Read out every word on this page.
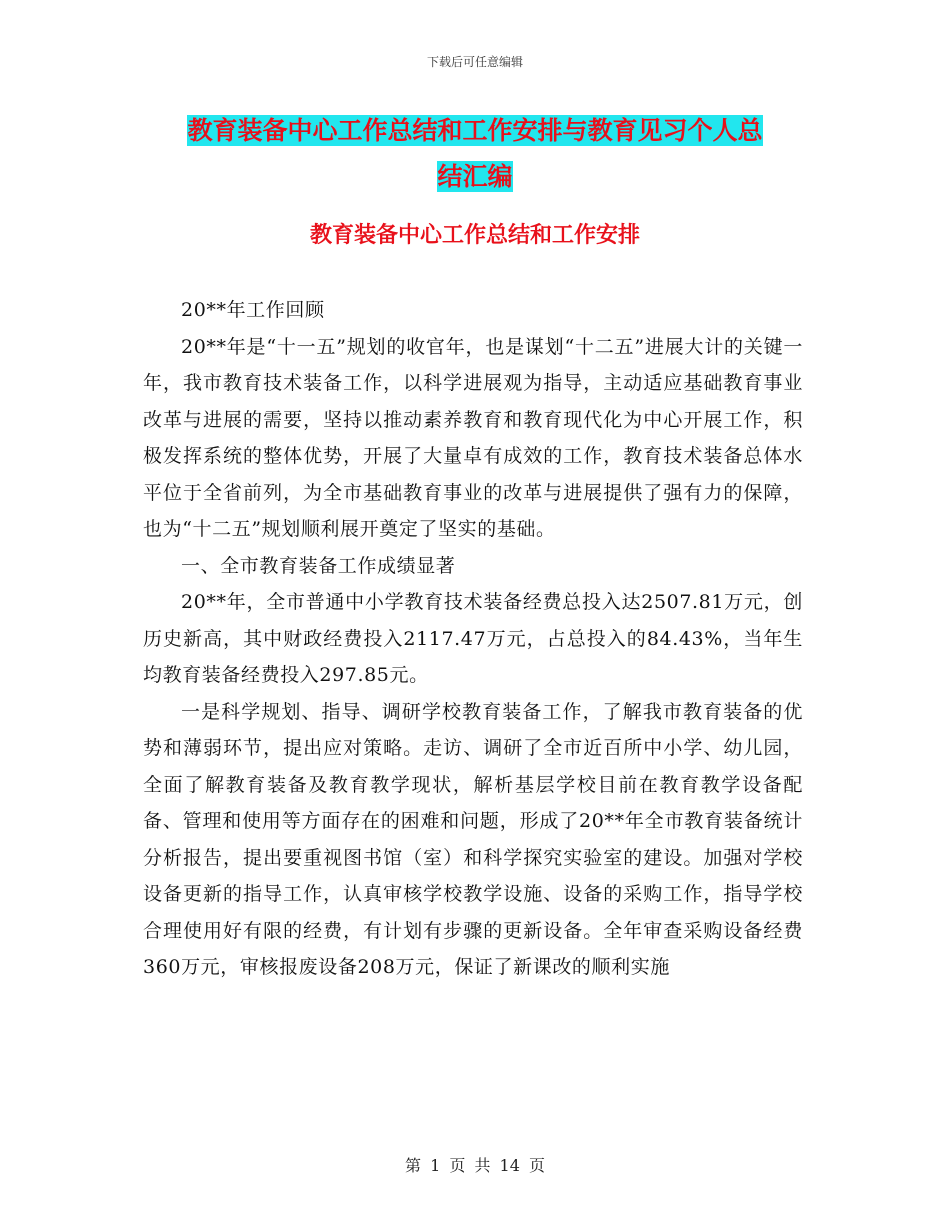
下载后可任意编辑
教育装备中心工作总结和工作安排与教育见习个人总
结汇编
教育装备中心工作总结和工作安排

20**年工作回顾

20**年是“十一五”规划的收官年，也是谋划“十二五”进展大计的关键一年，我市教育技术装备工作，以科学进展观为指导，主动适应基础教育事业改革与进展的需要，坚持以推动素养教育和教育现代化为中心开展工作，积极发挥系统的整体优势，开展了大量卓有成效的工作，教育技术装备总体水平位于全省前列，为全市基础教育事业的改革与进展提供了强有力的保障，也为“十二五”规划顺利展开奠定了坚实的基础。

一、全市教育装备工作成绩显著

20**年，全市普通中小学教育技术装备经费总投入达2507.81万元，创历史新高，其中财政经费投入2117.47万元，占总投入的84.43%，当年生均教育装备经费投入297.85元。

一是科学规划、指导、调研学校教育装备工作，了解我市教育装备的优势和薄弱环节，提出应对策略。走访、调研了全市近百所中小学、幼儿园，全面了解教育装备及教育教学现状，解析基层学校目前在教育教学设备配备、管理和使用等方面存在的困难和问题，形成了20**年全市教育装备统计分析报告，提出要重视图书馆（室）和科学探究实验室的建设。加强对学校设备更新的指导工作，认真审核学校教学设施、设备的采购工作，指导学校合理使用好有限的经费，有计划有步骤的更新设备。全年审查采购设备经费360万元，审核报废设备208万元，保证了新课改的顺利实施

第 1 页 共 14 页
